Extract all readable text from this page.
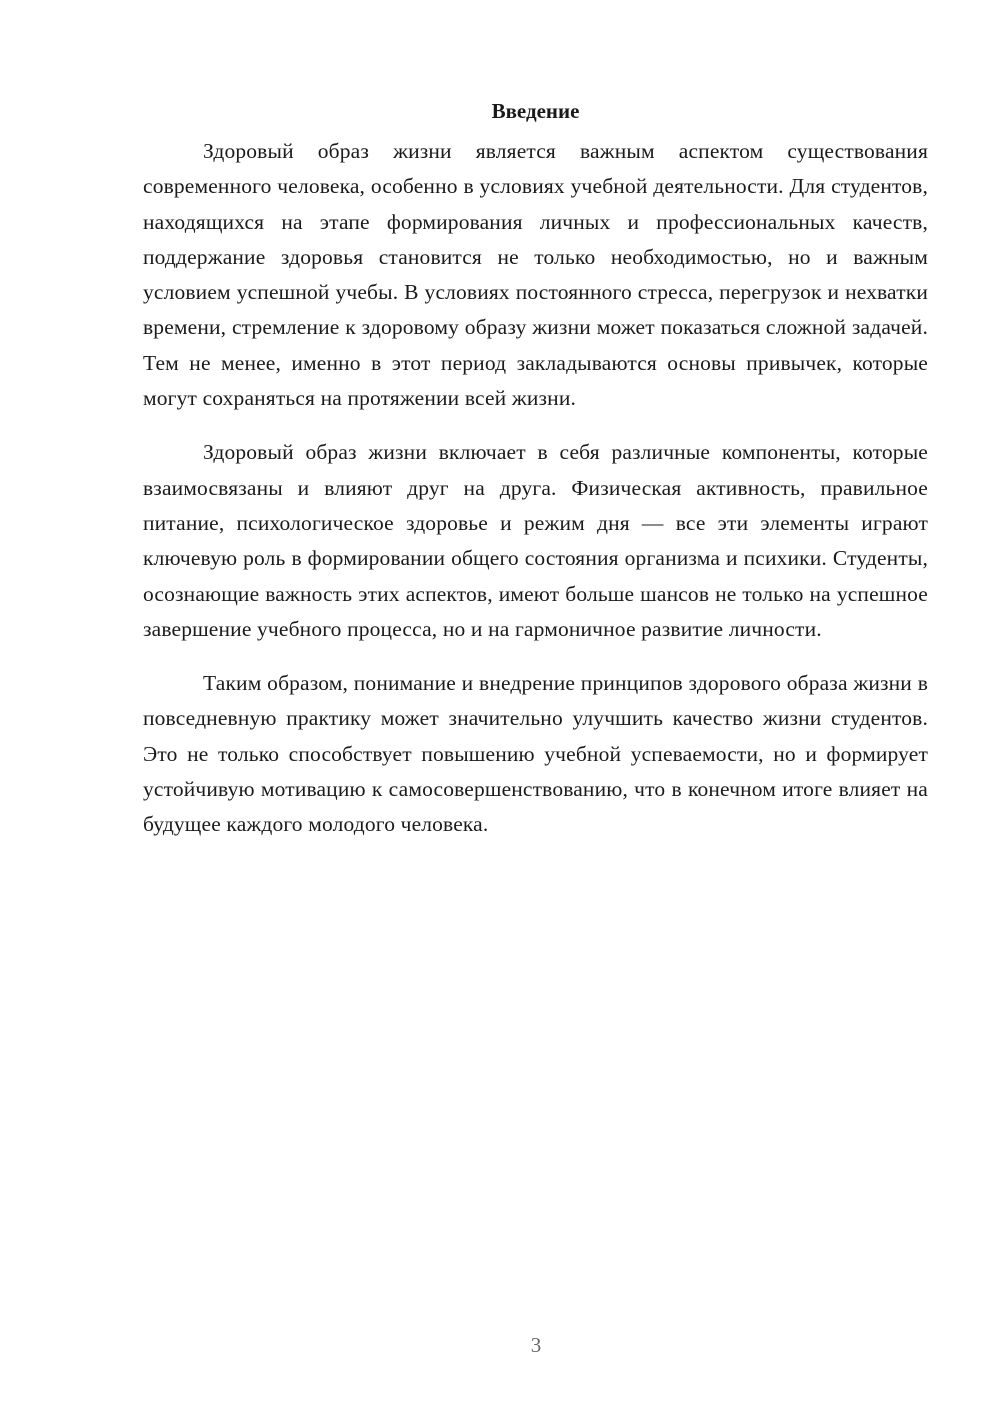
Введение

Здоровый образ жизни является важным аспектом существования современного человека, особенно в условиях учебной деятельности. Для студентов, находящихся на этапе формирования личных и профессиональных качеств, поддержание здоровья становится не только необходимостью, но и важным условием успешной учебы. В условиях постоянного стресса, перегрузок и нехватки времени, стремление к здоровому образу жизни может показаться сложной задачей. Тем не менее, именно в этот период закладываются основы привычек, которые могут сохраняться на протяжении всей жизни.

Здоровый образ жизни включает в себя различные компоненты, которые взаимосвязаны и влияют друг на друга. Физическая активность, правильное питание, психологическое здоровье и режим дня — все эти элементы играют ключевую роль в формировании общего состояния организма и психики. Студенты, осознающие важность этих аспектов, имеют больше шансов не только на успешное завершение учебного процесса, но и на гармоничное развитие личности.

Таким образом, понимание и внедрение принципов здорового образа жизни в повседневную практику может значительно улучшить качество жизни студентов. Это не только способствует повышению учебной успеваемости, но и формирует устойчивую мотивацию к самосовершенствованию, что в конечном итоге влияет на будущее каждого молодого человека.

3
